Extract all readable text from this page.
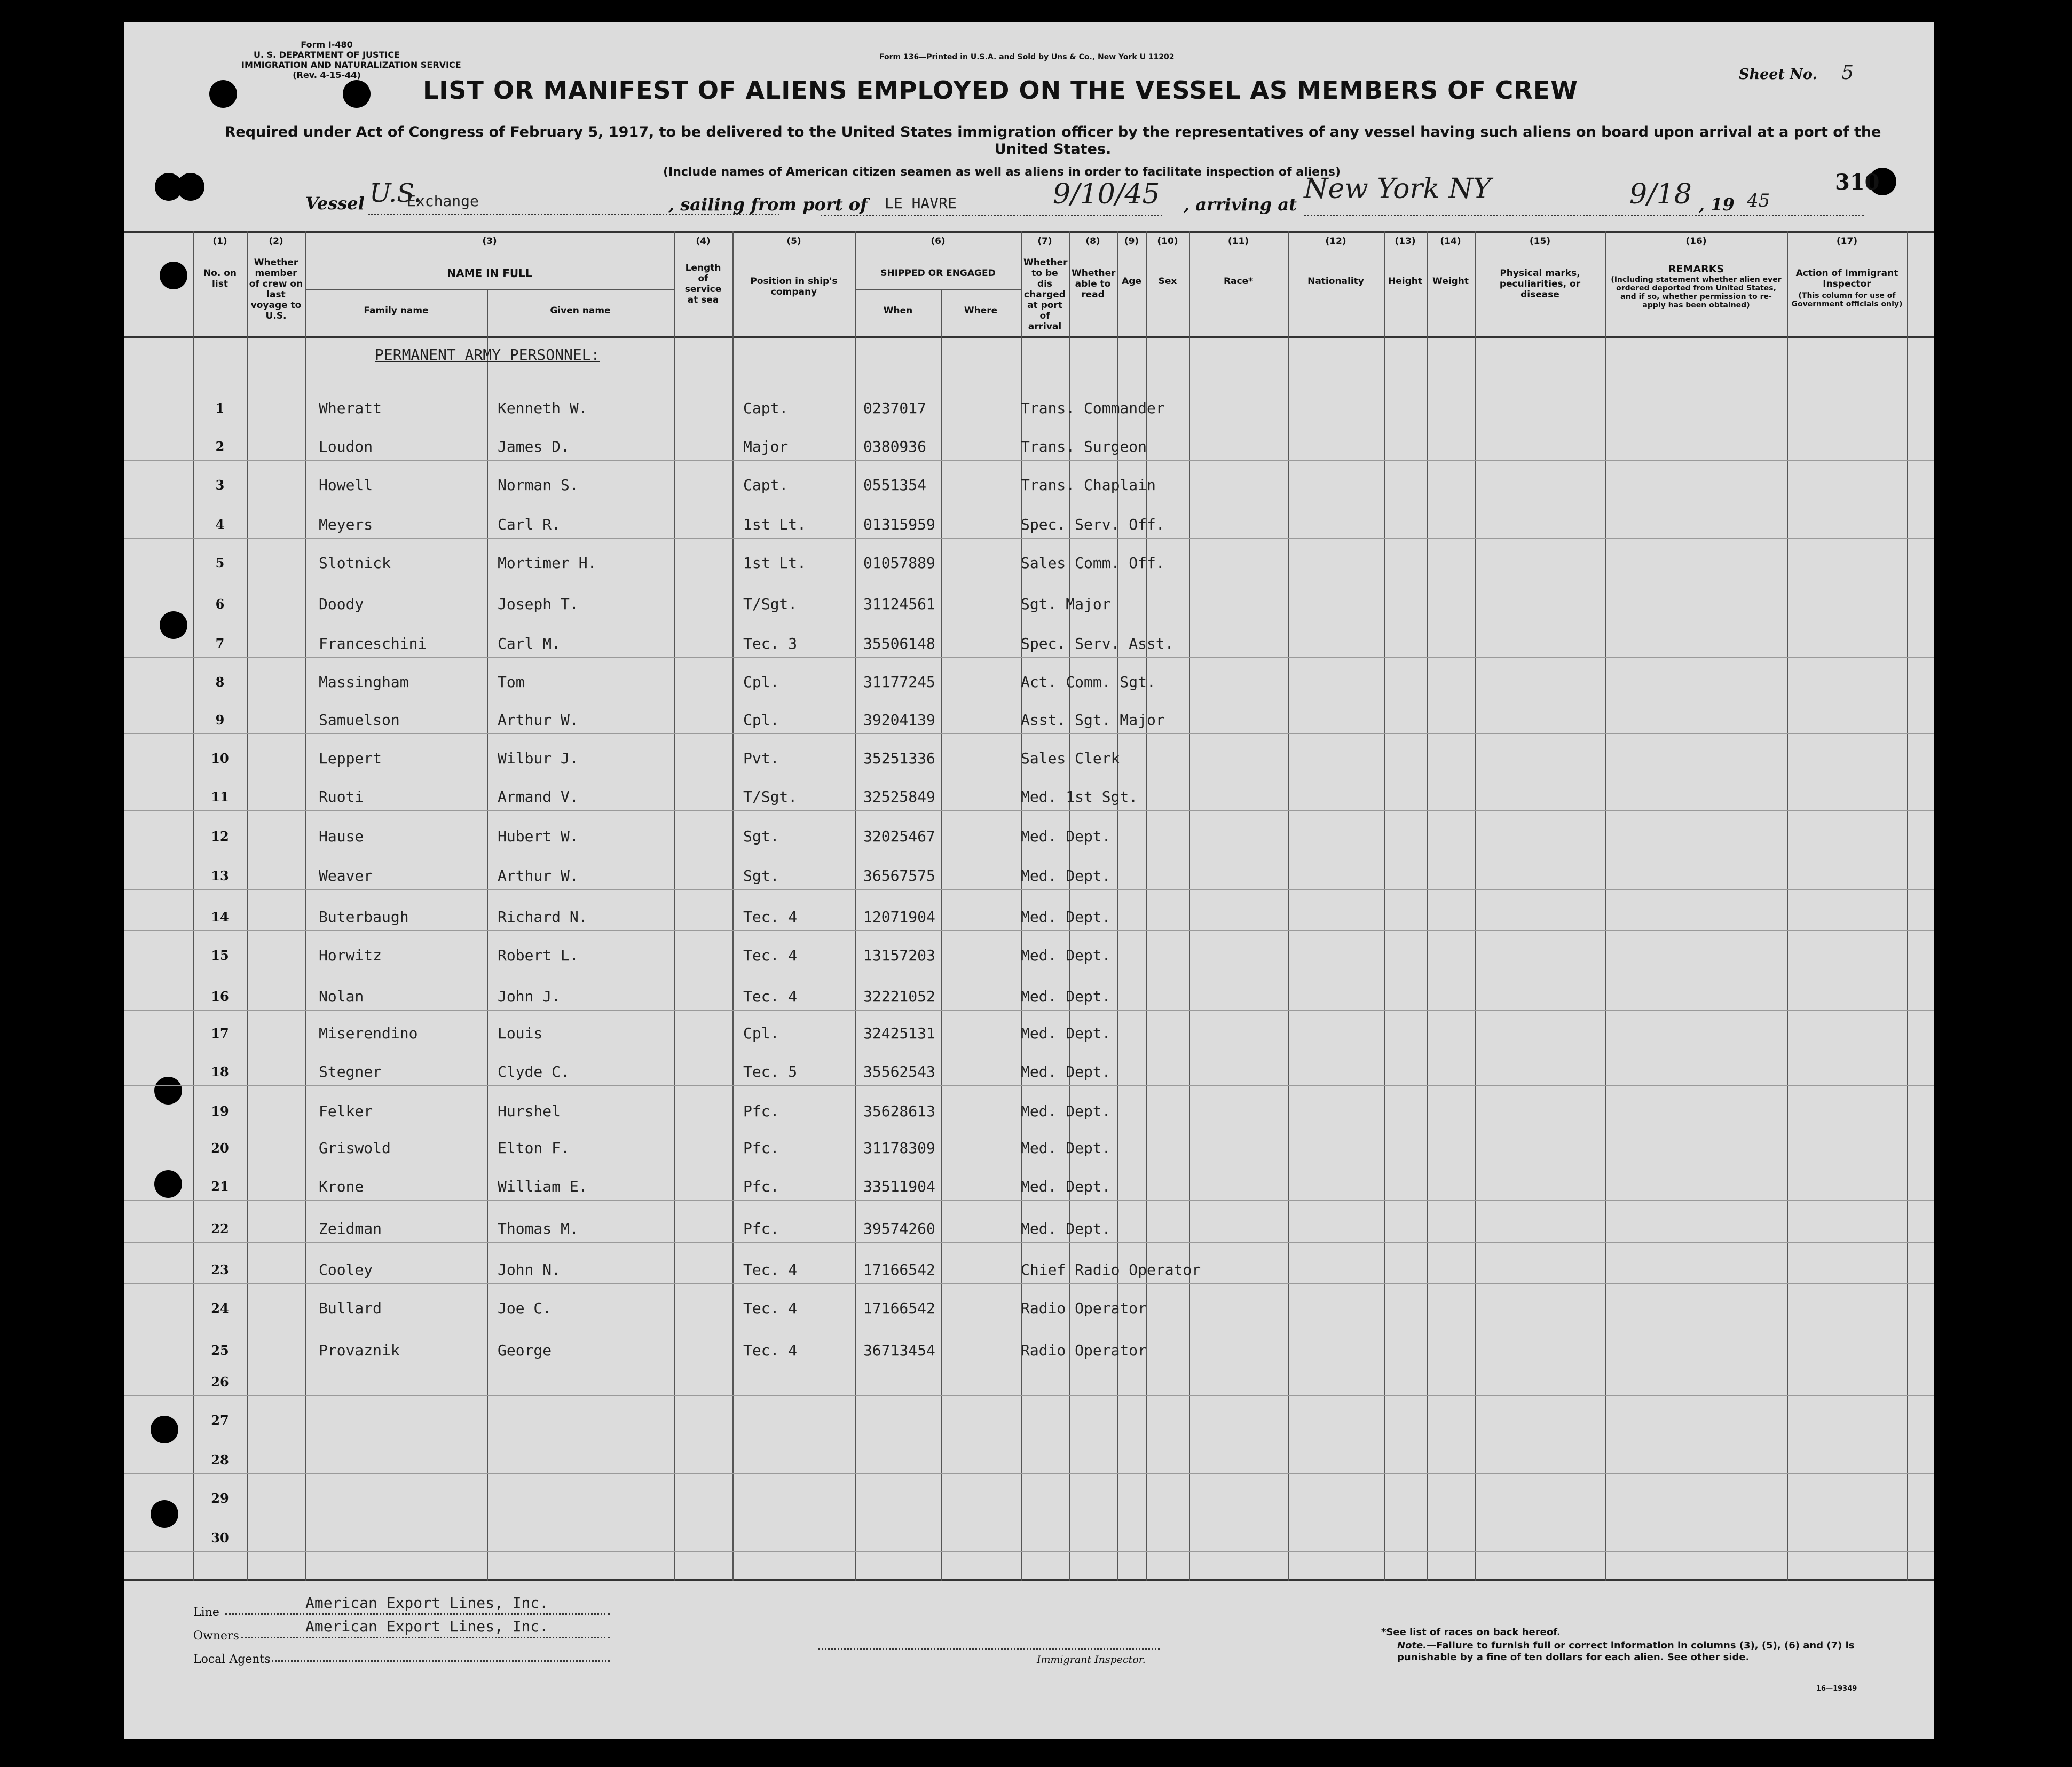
Form I-480
U. S. DEPARTMENT OF JUSTICE
IMMIGRATION AND NATURALIZATION SERVICE
(Rev. 4-15-44)
Form 136—Printed in U.S.A. and Sold by Uns & Co., New York U 11202
Sheet No. 5
LIST OR MANIFEST OF ALIENS EMPLOYED ON THE VESSEL AS MEMBERS OF CREW
Required under Act of Congress of February 5, 1917, to be delivered to the United States immigration officer by the representatives of any vessel having such aliens on board upon arrival at a port of the United States.
(Include names of American citizen seamen as well as aliens in order to facilitate inspection of aliens)	310
Vessel U.S.
Exchange	, sailing from port of LE HAVRE	9/10/45 , arriving at New York NY	9/18 , 19 45
(1)
No. on list
(2)
Whether member of crew on last voyage to U.S.
(3)
NAME IN FULL
Family name	Given name
(4)
Length of service at sea
(5)
Position in ship's company
(6)
SHIPPED OR ENGAGED
When	Where
(7)
Whether to be dis charged at port of arrival
(8)
Whether able to read
(9)
Age
(10)
Sex
(11)
Race*
(12)
Nationality
(13)
Height
(14)
Weight
(15)
Physical marks, peculiarities, or disease
(16)
REMARKS
(Including statement whether alien ever ordered deported from United States, and if so, whether permission to re-apply has been obtained)
(17)
Action of Immigrant Inspector
(This column for use of Government officials only)
PERMANENT ARMY PERSONNEL:
1	Wheratt	Kenneth W.	Capt.	0237017	Trans. Commander
2	Loudon	James D.	Major	0380936	Trans. Surgeon
3	Howell	Norman S.	Capt.	0551354	Trans. Chaplain
4	Meyers	Carl R.	1st Lt.	01315959	Spec. Serv. Off.
5	Slotnick	Mortimer H.	1st Lt.	01057889	Sales Comm. Off.
6	Doody	Joseph T.	T/Sgt.	31124561	Sgt. Major
7	Franceschini	Carl M.	Tec. 3	35506148	Spec. Serv. Asst.
8	Massingham	Tom	Cpl.	31177245	Act. Comm. Sgt.
9	Samuelson	Arthur W.	Cpl.	39204139	Asst. Sgt. Major
10	Leppert	Wilbur J.	Pvt.	35251336	Sales Clerk
11	Ruoti	Armand V.	T/Sgt.	32525849	Med. 1st Sgt.
12	Hause	Hubert W.	Sgt.	32025467	Med. Dept.
13	Weaver	Arthur W.	Sgt.	36567575	Med. Dept.
14	Buterbaugh	Richard N.	Tec. 4	12071904	Med. Dept.
15	Horwitz	Robert L.	Tec. 4	13157203	Med. Dept.
16	Nolan	John J.	Tec. 4	32221052	Med. Dept.
17	Miserendino	Louis	Cpl.	32425131	Med. Dept.
18	Stegner	Clyde C.	Tec. 5	35562543	Med. Dept.
19	Felker	Hurshel	Pfc.	35628613	Med. Dept.
20	Griswold	Elton F.	Pfc.	31178309	Med. Dept.
21	Krone	William E.	Pfc.	33511904	Med. Dept.
22	Zeidman	Thomas M.	Pfc.	39574260	Med. Dept.
23	Cooley	John N.	Tec. 4	17166542	Chief Radio Operator
24	Bullard	Joe C.	Tec. 4	17166542	Radio Operator
25	Provaznik	George	Tec. 4	36713454	Radio Operator
26
27
28
29
30
Line
American Export Lines, Inc.
Owners
American Export Lines, Inc.
Local Agents	Immigrant Inspector.
*See list of races on back hereof.
Note.—Failure to furnish full or correct information in columns (3), (5), (6) and (7) is punishable by a fine of ten dollars for each alien. See other side.
16—19349
